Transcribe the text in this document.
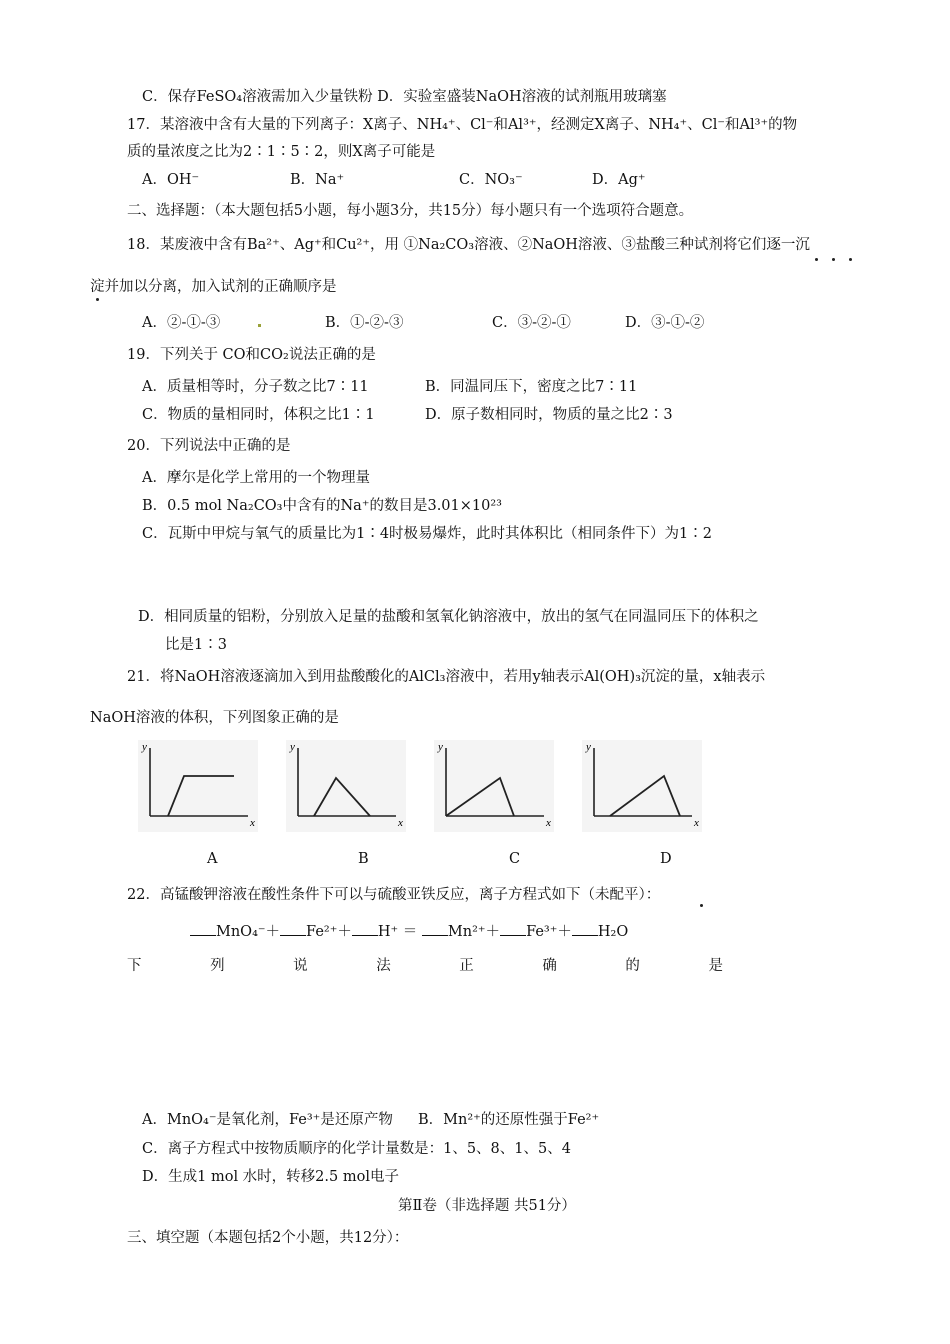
C．保存FeSO₄溶液需加入少量铁粉 D．实验室盛装NaOH溶液的试剂瓶用玻璃塞
17．某溶液中含有大量的下列离子：X离子、NH₄⁺、Cl⁻和Al³⁺，经测定X离子、NH₄⁺、Cl⁻和Al³⁺的物
质的量浓度之比为2∶1∶5∶2，则X离子可能是
A．OH⁻	B．Na⁺	C．NO₃⁻	D．Ag⁺
二、选择题：（本大题包括5小题，每小题3分，共15分）每小题只有一个选项符合题意。
18．某废液中含有Ba²⁺、Ag⁺和Cu²⁺，用 ①Na₂CO₃溶液、②NaOH溶液、③盐酸三种试剂将它们逐一沉
淀并加以分离，加入试剂的正确顺序是
A．②-①-③	B．①-②-③	C．③-②-①	D．③-①-②
19．下列关于 CO和CO₂说法正确的是
A．质量相等时，分子数之比7∶11	B．同温同压下，密度之比7∶11
C．物质的量相同时，体积之比1∶1	D．原子数相同时，物质的量之比2∶3
20．下列说法中正确的是
A．摩尔是化学上常用的一个物理量
B．0.5 mol Na₂CO₃中含有的Na⁺的数目是3.01×10²³
C．瓦斯中甲烷与氧气的质量比为1∶4时极易爆炸，此时其体积比（相同条件下）为1∶2
D．相同质量的铝粉，分别放入足量的盐酸和氢氧化钠溶液中，放出的氢气在同温同压下的体积之
比是1∶3
21．将NaOH溶液逐滴加入到用盐酸酸化的AlCl₃溶液中，若用y轴表示Al(OH)₃沉淀的量，x轴表示
NaOH溶液的体积，下列图象正确的是
y
x
y
x
y
x
y
x
A	B	C	D
22．高锰酸钾溶液在酸性条件下可以与硫酸亚铁反应，离子方程式如下（未配平）：
MnO₄⁻＋ Fe²⁺＋ H⁺ ＝ Mn²⁺＋ Fe³⁺＋ H₂O
下	列	说	法	正	确	的	是
A．MnO₄⁻是氧化剂，Fe³⁺是还原产物 B．Mn²⁺的还原性强于Fe²⁺
C．离子方程式中按物质顺序的化学计量数是：1、5、8、1、5、4
D．生成1 mol 水时，转移2.5 mol电子
第Ⅱ卷（非选择题 共51分）
三、填空题（本题包括2个小题，共12分）：
